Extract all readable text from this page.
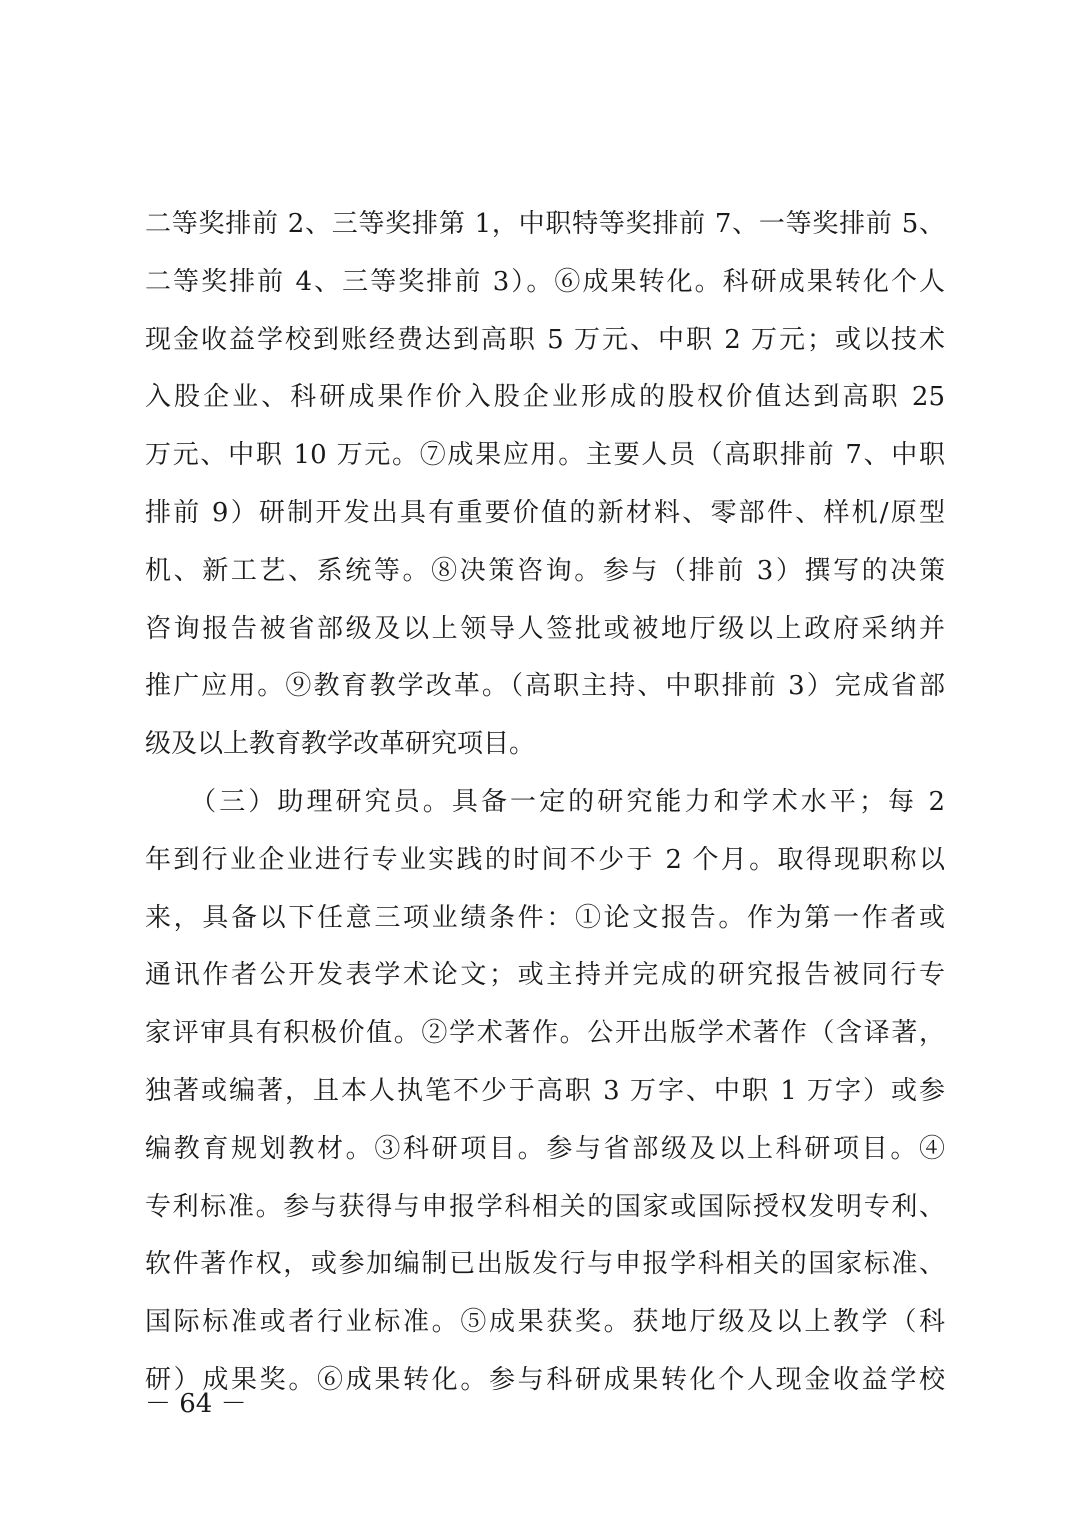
二等奖排前 2、三等奖排第 1，中职特等奖排前 7、一等奖排前 5、
二等奖排前 4、三等奖排前 3）。⑥成果转化。科研成果转化个人
现金收益学校到账经费达到高职 5 万元、中职 2 万元；或以技术
入股企业、科研成果作价入股企业形成的股权价值达到高职 25
万元、中职 10 万元。⑦成果应用。主要人员（高职排前 7、中职
排前 9）研制开发出具有重要价值的新材料、零部件、样机/原型
机、新工艺、系统等。⑧决策咨询。参与（排前 3）撰写的决策
咨询报告被省部级及以上领导人签批或被地厅级以上政府采纳并
推广应用。⑨教育教学改革。（高职主持、中职排前 3）完成省部
级及以上教育教学改革研究项目。
　　（三）助理研究员。具备一定的研究能力和学术水平；每 2
年到行业企业进行专业实践的时间不少于 2 个月。取得现职称以
来，具备以下任意三项业绩条件：①论文报告。作为第一作者或
通讯作者公开发表学术论文；或主持并完成的研究报告被同行专
家评审具有积极价值。②学术著作。公开出版学术著作（含译著，
独著或编著，且本人执笔不少于高职 3 万字、中职 1 万字）或参
编教育规划教材。③科研项目。参与省部级及以上科研项目。④
专利标准。参与获得与申报学科相关的国家或国际授权发明专利、
软件著作权，或参加编制已出版发行与申报学科相关的国家标准、
国际标准或者行业标准。⑤成果获奖。获地厅级及以上教学（科
研）成果奖。⑥成果转化。参与科研成果转化个人现金收益学校
－ 64 －
